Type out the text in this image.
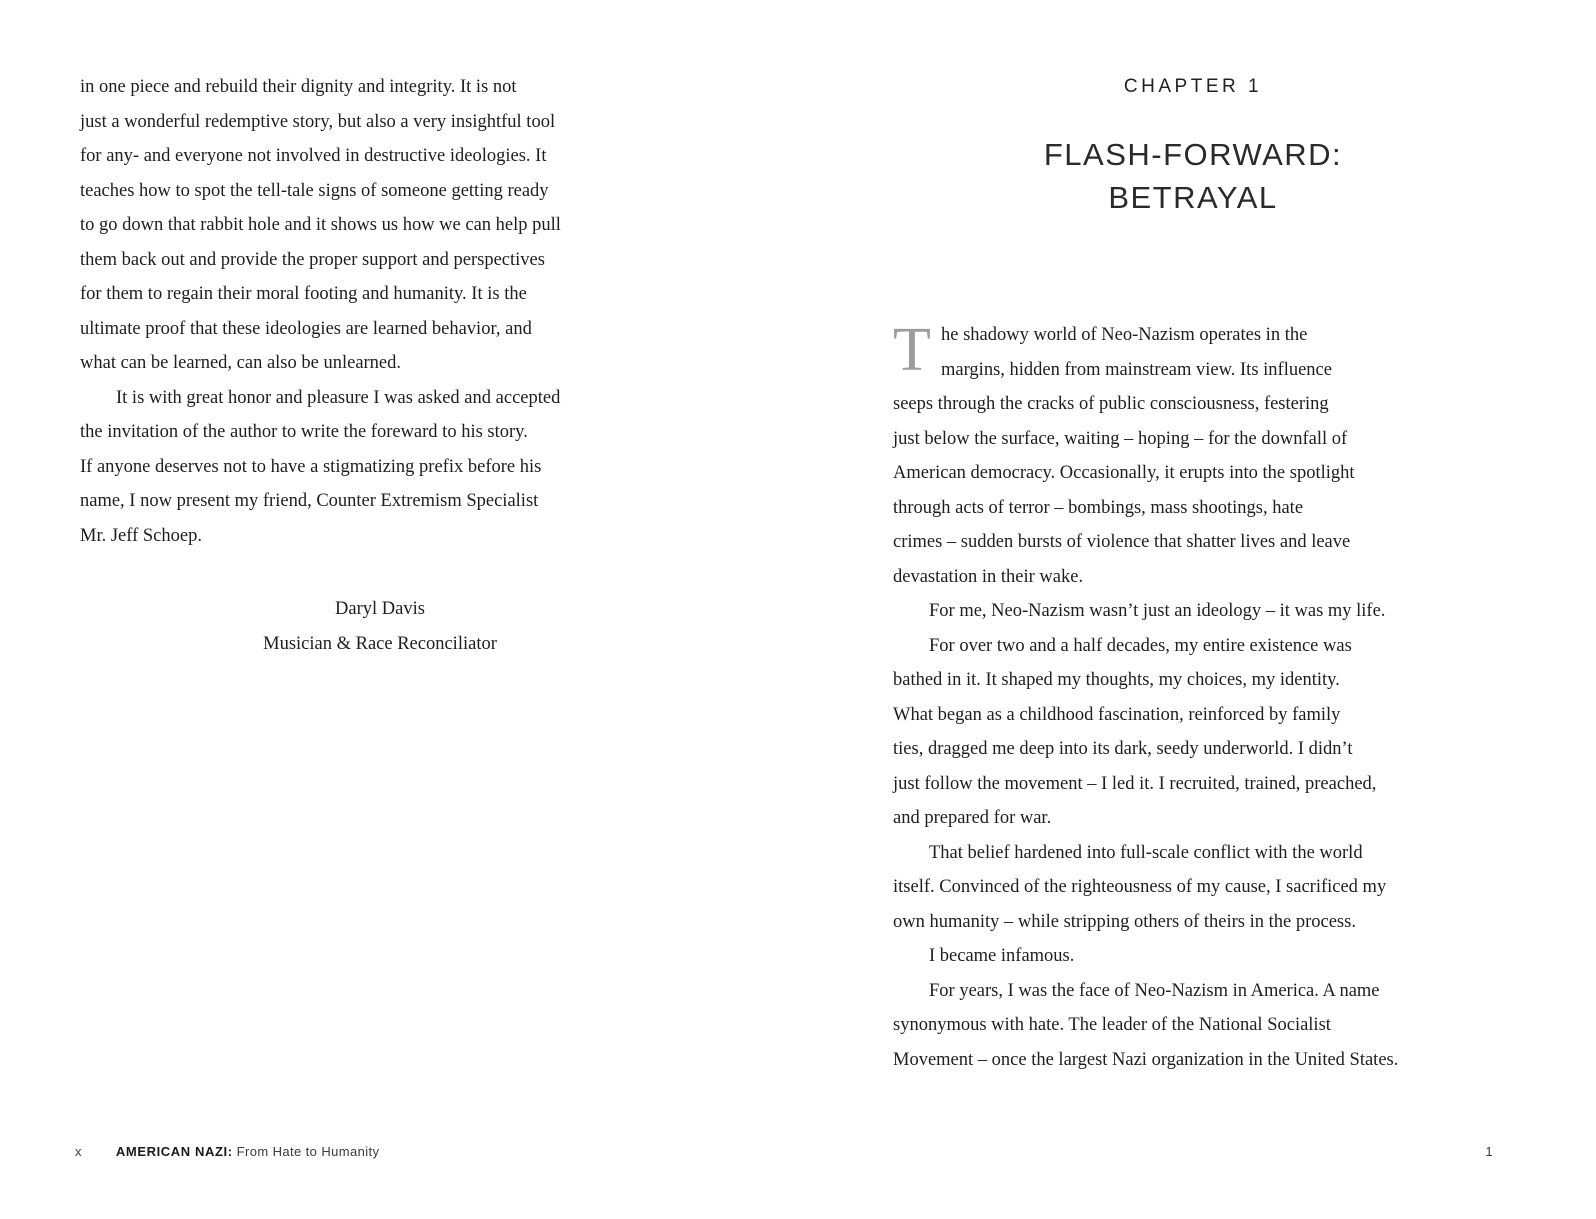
in one piece and rebuild their dignity and integrity. It is not
just a wonderful redemptive story, but also a very insightful tool
for any- and everyone not involved in destructive ideologies. It
teaches how to spot the tell-tale signs of someone getting ready
to go down that rabbit hole and it shows us how we can help pull
them back out and provide the proper support and perspectives
for them to regain their moral footing and humanity. It is the
ultimate proof that these ideologies are learned behavior, and
what can be learned, can also be unlearned.
It is with great honor and pleasure I was asked and accepted
the invitation of the author to write the foreward to his story.
If anyone deserves not to have a stigmatizing prefix before his
name, I now present my friend, Counter Extremism Specialist
Mr. Jeff Schoep.
Daryl Davis
Musician & Race Reconciliator
x	AMERICAN NAZI: From Hate to Humanity
CHAPTER 1
FLASH-FORWARD:
BETRAYAL
T he shadowy world of Neo-Nazism operates in the
margins, hidden from mainstream view. Its influence
seeps through the cracks of public consciousness, festering
just below the surface, waiting – hoping – for the downfall of
American democracy. Occasionally, it erupts into the spotlight
through acts of terror – bombings, mass shootings, hate
crimes – sudden bursts of violence that shatter lives and leave
devastation in their wake.
For me, Neo-Nazism wasn’t just an ideology – it was my life.
For over two and a half decades, my entire existence was
bathed in it. It shaped my thoughts, my choices, my identity.
What began as a childhood fascination, reinforced by family
ties, dragged me deep into its dark, seedy underworld. I didn’t
just follow the movement – I led it. I recruited, trained, preached,
and prepared for war.
That belief hardened into full-scale conflict with the world
itself. Convinced of the righteousness of my cause, I sacrificed my
own humanity – while stripping others of theirs in the process.
I became infamous.
For years, I was the face of Neo-Nazism in America. A name
synonymous with hate. The leader of the National Socialist
Movement – once the largest Nazi organization in the United States.
1
